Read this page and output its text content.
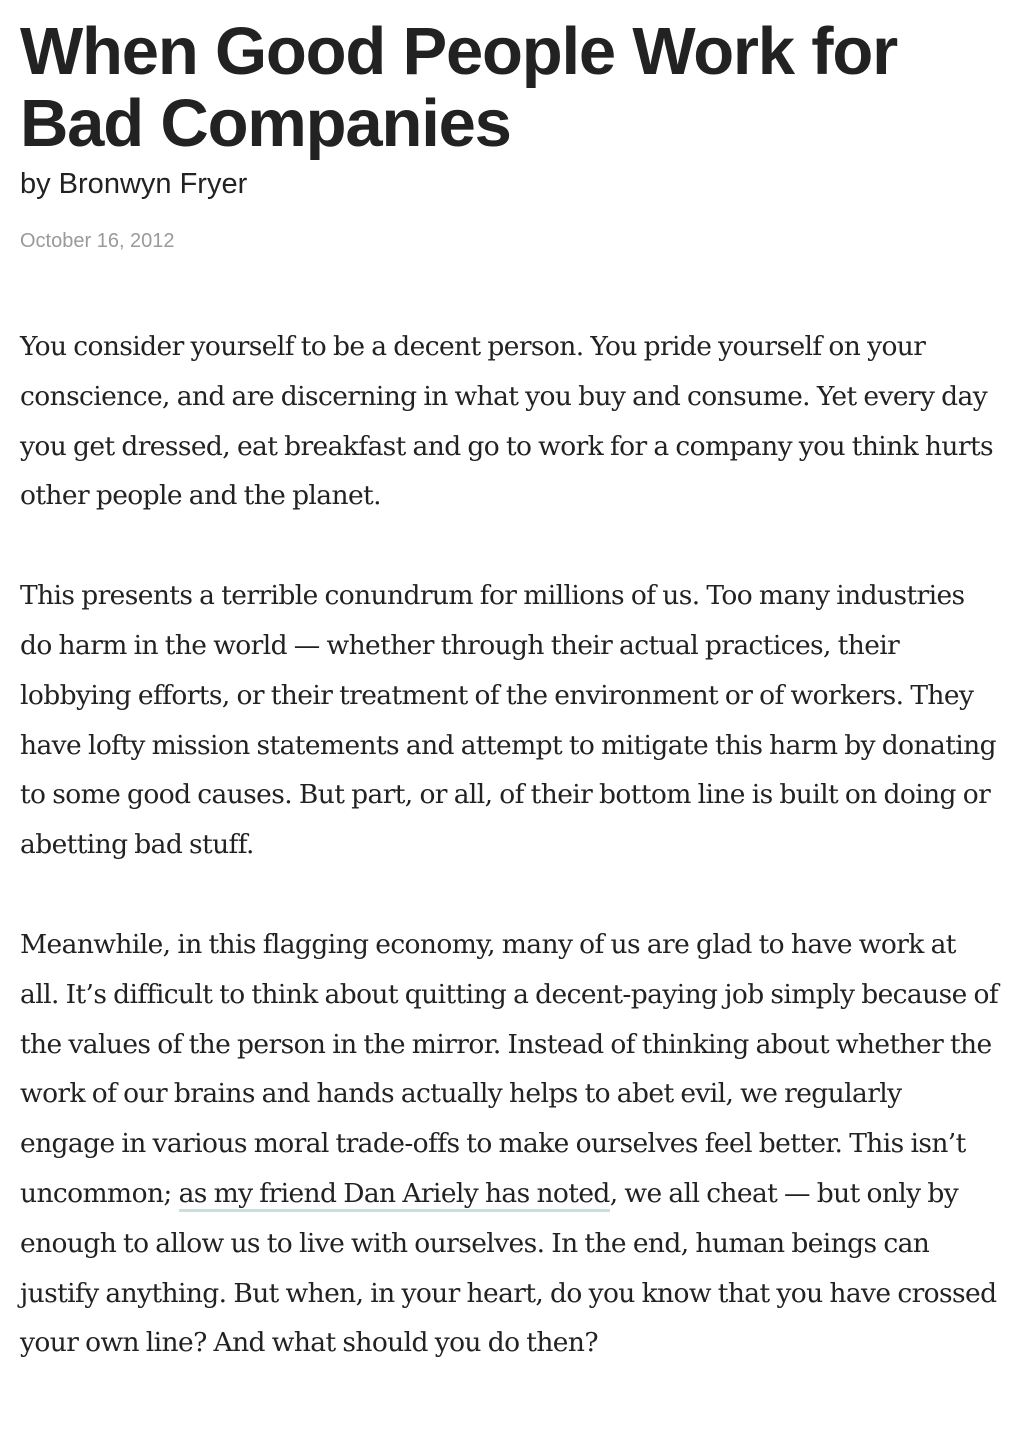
When Good People Work for Bad Companies
by Bronwyn Fryer
October 16, 2012

You consider yourself to be a decent person. You pride yourself on your conscience, and are discerning in what you buy and consume. Yet every day you get dressed, eat breakfast and go to work for a company you think hurts other people and the planet.

This presents a terrible conundrum for millions of us. Too many industries do harm in the world — whether through their actual practices, their lobbying efforts, or their treatment of the environment or of workers. They have lofty mission statements and attempt to mitigate this harm by donating to some good causes. But part, or all, of their bottom line is built on doing or abetting bad stuff.

Meanwhile, in this flagging economy, many of us are glad to have work at all. It’s difficult to think about quitting a decent-paying job simply because of the values of the person in the mirror. Instead of thinking about whether the work of our brains and hands actually helps to abet evil, we regularly engage in various moral trade-offs to make ourselves feel better. This isn’t uncommon; as my friend Dan Ariely has noted, we all cheat — but only by enough to allow us to live with ourselves. In the end, human beings can justify anything. But when, in your heart, do you know that you have crossed your own line? And what should you do then?
